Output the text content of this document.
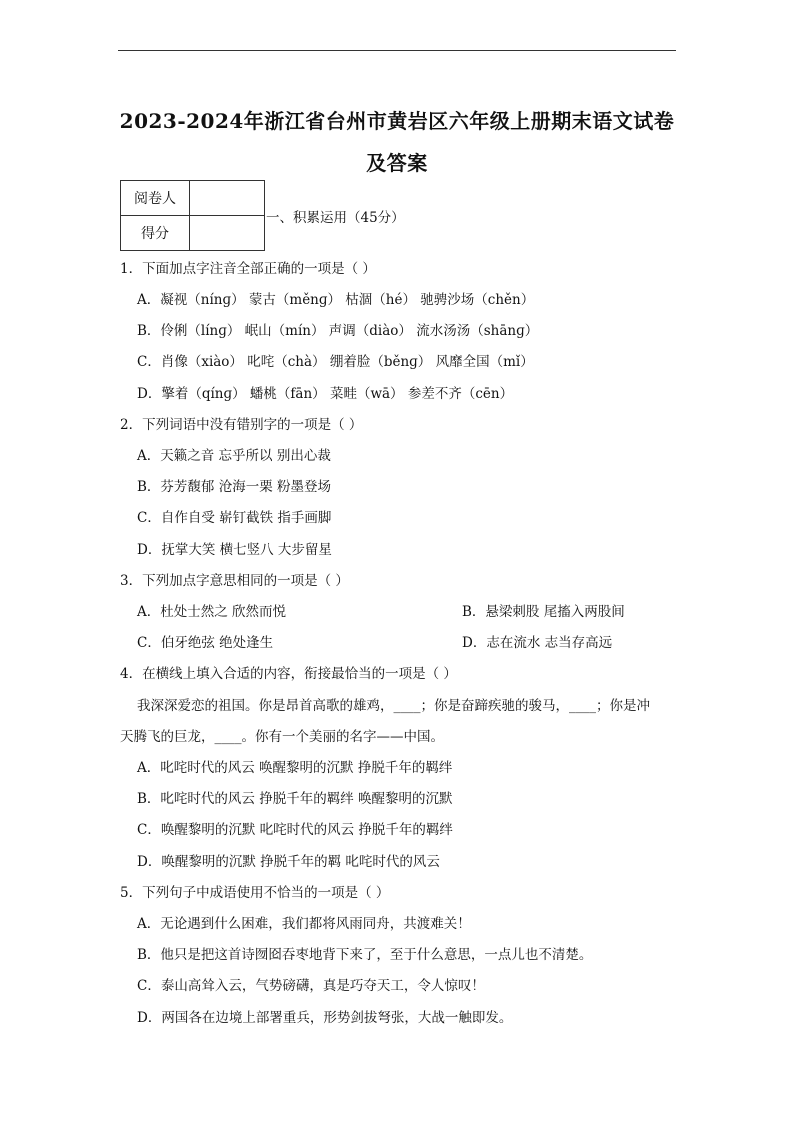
2023-2024年浙江省台州市黄岩区六年级上册期末语文试卷
及答案
阅卷人	
得分	
一、积累运用（45分）
1．下面加点字注音全部正确的一项是（ ）
A．凝视（nínɡ） 蒙古（měnɡ） 枯涸（hé） 驰骋沙场（chěn）
B．伶俐（línɡ） 岷山（mín） 声调（diào） 流水汤汤（shānɡ）
C．肖像（xiào） 叱咤（chà） 绷着脸（běnɡ） 风靡全国（mǐ）
D．擎着（qínɡ） 蟠桃（fān） 菜畦（wā） 参差不齐（cēn）
2．下列词语中没有错别字的一项是（ ）
A．天籁之音 忘乎所以 别出心裁
B．芬芳馥郁 沧海一栗 粉墨登场
C．自作自受 崭钉截铁 指手画脚
D．抚掌大笑 横七竖八 大步留星
3．下列加点字意思相同的一项是（ ）
A．杜处士然之 欣然而悦	B．悬梁刺股 尾搐入两股间
C．伯牙绝弦 绝处逢生	D．志在流水 志当存高远
4．在横线上填入合适的内容，衔接最恰当的一项是（ ）
我深深爱恋的祖国。你是昂首高歌的雄鸡，____；你是奋蹄疾驰的骏马，____；你是冲
天腾飞的巨龙，____。你有一个美丽的名字——中国。
A．叱咤时代的风云 唤醒黎明的沉默 挣脱千年的羁绊
B．叱咤时代的风云 挣脱千年的羁绊 唤醒黎明的沉默
C．唤醒黎明的沉默 叱咤时代的风云 挣脱千年的羁绊
D．唤醒黎明的沉默 挣脱千年的羁 叱咤时代的风云
5．下列句子中成语使用不恰当的一项是（ ）
A．无论遇到什么困难，我们都将风雨同舟，共渡难关！
B．他只是把这首诗囫囵吞枣地背下来了，至于什么意思，一点儿也不清楚。
C．泰山高耸入云，气势磅礴，真是巧夺天工，令人惊叹！
D．两国各在边境上部署重兵，形势剑拔弩张，大战一触即发。
